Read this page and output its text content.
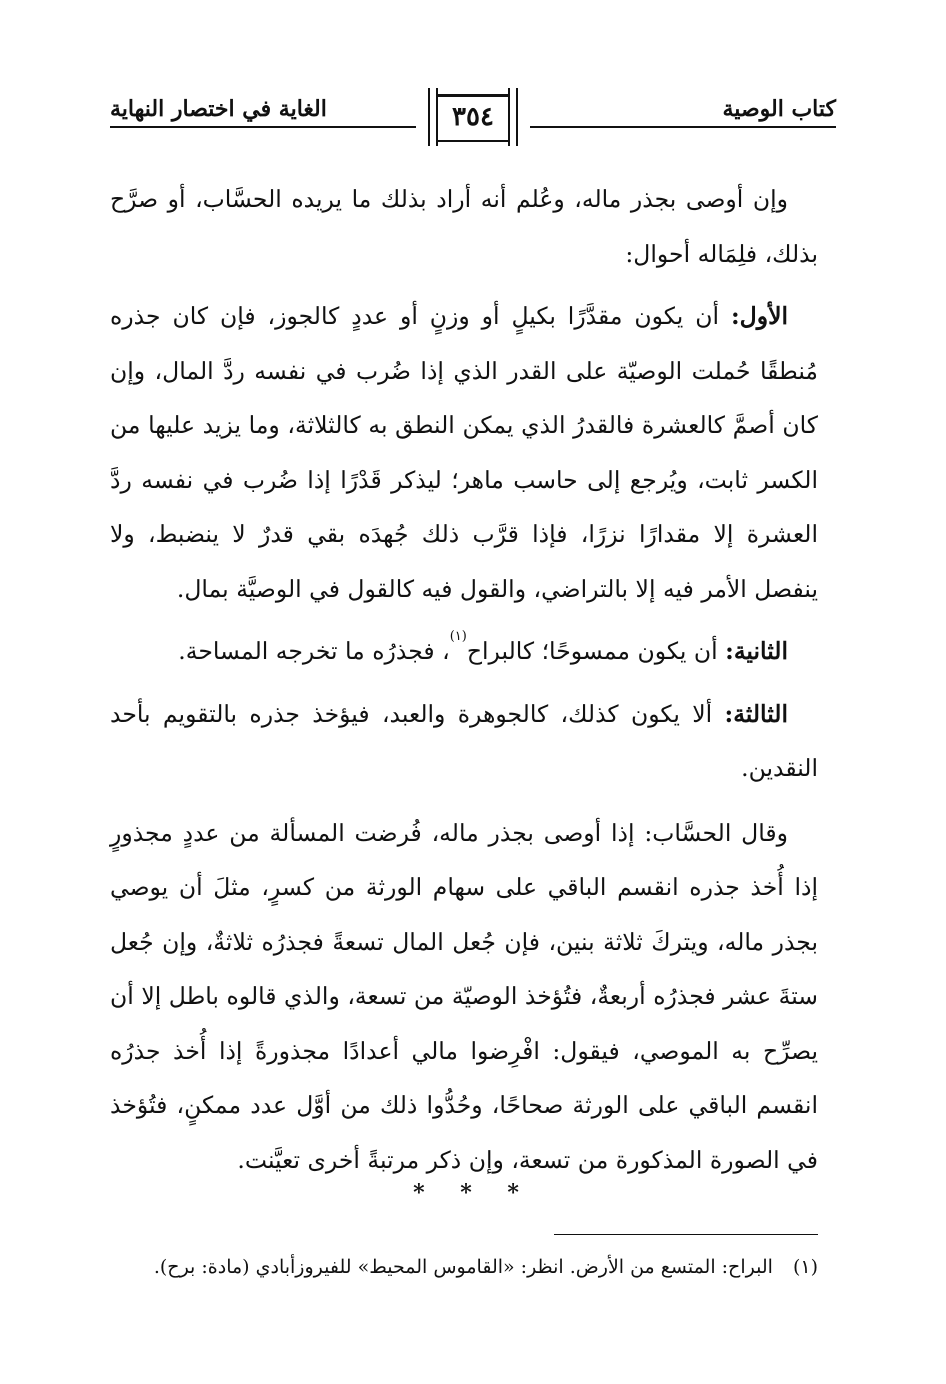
كتاب الوصية
٣٥٤
الغاية في اختصار النهاية

وإن أوصى بجذر ماله، وعُلم أنه أراد بذلك ما يريده الحسَّاب، أو صرَّح بذلك، فلِمَاله أحوال:

الأول: أن يكون مقدَّرًا بكيلٍ أو وزنٍ أو عددٍ كالجوز، فإن كان جذره مُنطقًا حُملت الوصيّة على القدر الذي إذا ضُرب في نفسه ردَّ المال، وإن كان أصمَّ كالعشرة فالقدرُ الذي يمكن النطق به كالثلاثة، وما يزيد عليها من الكسر ثابت، ويُرجع إلى حاسب ماهر؛ ليذكر قَدْرًا إذا ضُرب في نفسه ردَّ العشرة إلا مقدارًا نزرًا، فإذا قرَّب ذلك جُهدَه بقي قدرٌ لا ينضبط، ولا ينفصل الأمر فيه إلا بالتراضي، والقول فيه كالقول في الوصيَّة بمال.

الثانية: أن يكون ممسوحًا؛ كالبراح$^{(١)}$، فجذرُه ما تخرجه المساحة.

الثالثة: ألا يكون كذلك، كالجوهرة والعبد، فيؤخذ جذره بالتقويم بأحد النقدين.

وقال الحسَّاب: إذا أوصى بجذر ماله، فُرضت المسألة من عددٍ مجذورٍ إذا أُخذ جذره انقسم الباقي على سهام الورثة من كسرٍ، مثلَ أن يوصي بجذر ماله، ويتركَ ثلاثة بنين، فإن جُعل المال تسعةً فجذرُه ثلاثةٌ، وإن جُعل ستةَ عشر فجذرُه أربعةٌ، فتُؤخذ الوصيّة من تسعة، والذي قالوه باطل إلا أن يصرِّح به الموصي، فيقول: افْرِضوا مالي أعدادًا مجذورةً إذا أُخذ جذرُه انقسم الباقي على الورثة صحاحًا، وحُدُّوا ذلك من أوَّل عدد ممكنٍ، فتُؤخذ في الصورة المذكورة من تسعة، وإن ذكر مرتبةً أخرى تعيَّنت.

* * *
(١) البراح: المتسع من الأرض. انظر: «القاموس المحيط» للفيروزأبادي (مادة: برح).
